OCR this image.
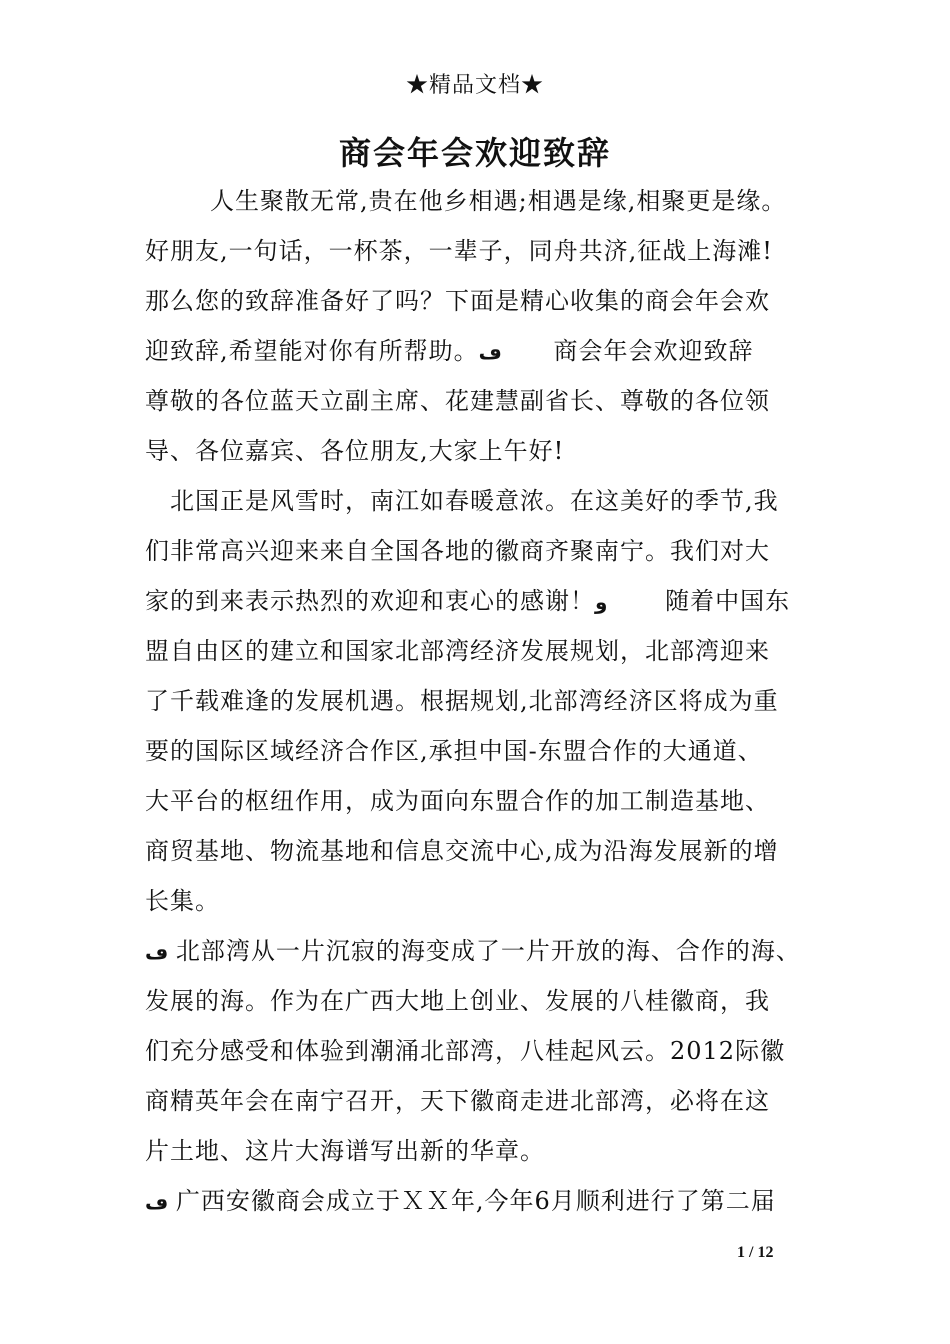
★精品文档★
商会年会欢迎致辞
人生聚散无常,贵在他乡相遇;相遇是缘,相聚更是缘。
好朋友,一句话，一杯茶，一辈子，同舟共济,征战上海滩!
那么您的致辞准备好了吗？下面是精心收集的商会年会欢
迎致辞,希望能对你有所帮助。ڡ 商会年会欢迎致辞
尊敬的各位蓝天立副主席、花建慧副省长、尊敬的各位领
导、各位嘉宾、各位朋友,大家上午好!
北国正是风雪时，南江如春暖意浓。在这美好的季节,我
们非常高兴迎来来自全国各地的徽商齐聚南宁。我们对大
家的到来表示热烈的欢迎和衷心的感谢！ﻭ 随着中国东
盟自由区的建立和国家北部湾经济发展规划，北部湾迎来
了千载难逢的发展机遇。根据规划,北部湾经济区将成为重
要的国际区域经济合作区,承担中国-东盟合作的大通道、
大平台的枢纽作用，成为面向东盟合作的加工制造基地、
商贸基地、物流基地和信息交流中心,成为沿海发展新的增
长集。
ڡ 北部湾从一片沉寂的海变成了一片开放的海、合作的海、
发展的海。作为在广西大地上创业、发展的八桂徽商，我
们充分感受和体验到潮涌北部湾，八桂起风云。2012际徽
商精英年会在南宁召开，天下徽商走进北部湾，必将在这
片土地、这片大海谱写出新的华章。
ڡ 广西安徽商会成立于ＸＸ年,今年6月顺利进行了第二届
1 / 12
